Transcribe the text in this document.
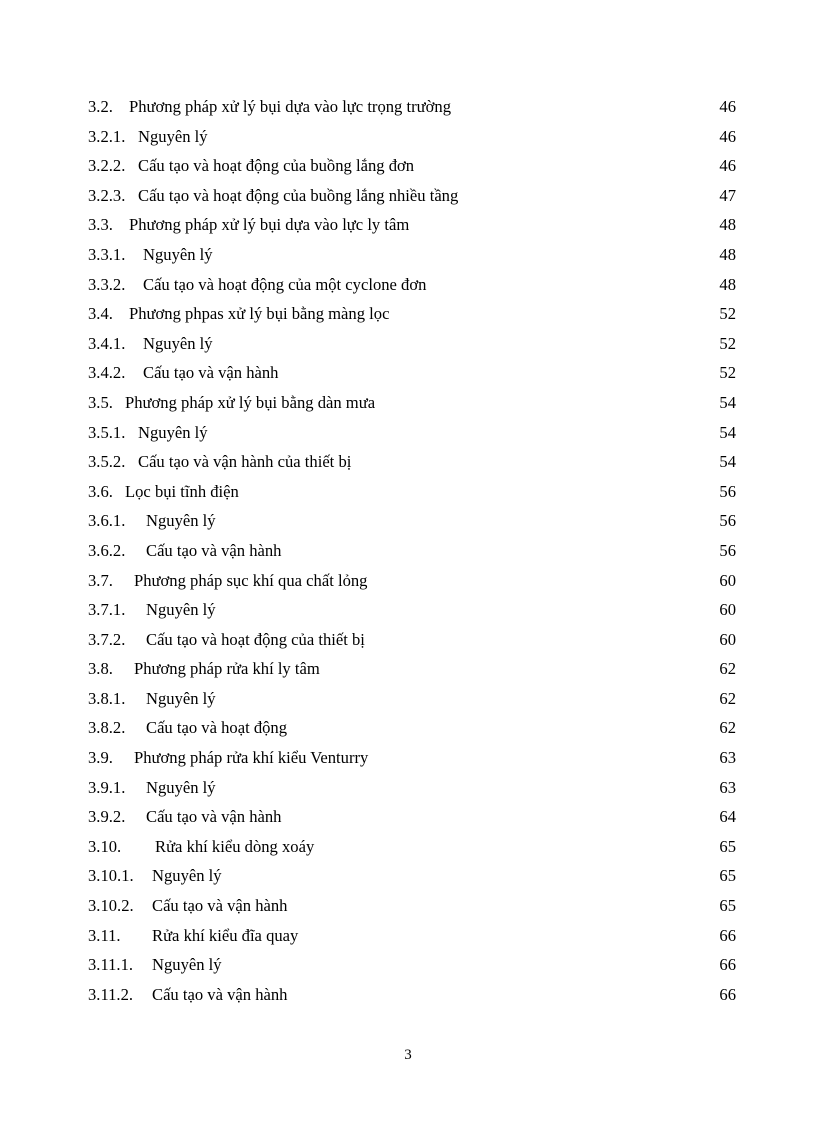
3.2. Phương pháp xử lý bụi dựa vào lực trọng trường	46
3.2.1. Nguyên lý	46
3.2.2. Cấu tạo và hoạt động của buồng lắng đơn	46
3.2.3. Cấu tạo và hoạt động của buồng lắng nhiều tầng	47
3.3. Phương pháp xử lý bụi dựa vào lực ly tâm	48
3.3.1. Nguyên lý	48
3.3.2. Cấu tạo và hoạt động của một cyclone đơn	48
3.4. Phương phpas xử lý bụi bằng màng lọc	52
3.4.1. Nguyên lý	52
3.4.2. Cấu tạo và vận hành	52
3.5. Phương pháp xử lý bụi bằng dàn mưa	54
3.5.1. Nguyên lý	54
3.5.2. Cấu tạo và vận hành của thiết bị	54
3.6. Lọc bụi tĩnh điện	56
3.6.1. Nguyên lý	56
3.6.2. Cấu tạo và vận hành	56
3.7. Phương pháp sục khí qua chất lỏng	60
3.7.1. Nguyên lý	60
3.7.2. Cấu tạo và hoạt động của thiết bị	60
3.8. Phương pháp rửa khí ly tâm	62
3.8.1. Nguyên lý	62
3.8.2. Cấu tạo và hoạt động	62
3.9. Phương pháp rửa khí kiểu Venturry	63
3.9.1. Nguyên lý	63
3.9.2. Cấu tạo và vận hành	64
3.10. Rửa khí kiểu dòng xoáy	65
3.10.1. Nguyên lý	65
3.10.2. Cấu tạo và vận hành	65
3.11. Rửa khí kiểu đĩa quay	66
3.11.1. Nguyên lý	66
3.11.2. Cấu tạo và vận hành	66
3
